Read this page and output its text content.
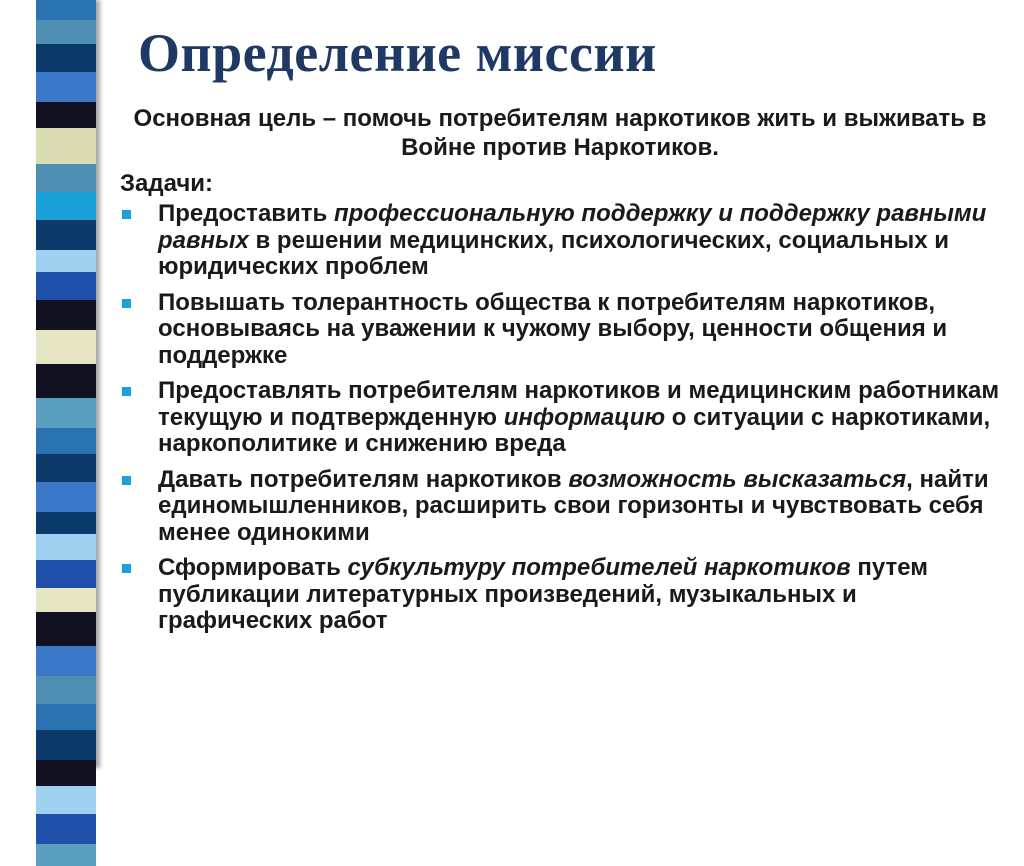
Определение миссии
Основная цель – помочь потребителям наркотиков жить и выживать в Войне против Наркотиков.
Задачи:
Предоставить профессиональную поддержку и поддержку равными равных в решении медицинских, психологических, социальных и юридических проблем
Повышать толерантность общества к потребителям наркотиков, основываясь на уважении к чужому выбору, ценности общения и поддержке
Предоставлять потребителям наркотиков и медицинским работникам текущую и подтвержденную информацию о ситуации с наркотиками, наркополитике и снижению вреда
Давать потребителям наркотиков возможность высказаться, найти единомышленников, расширить свои горизонты и чувствовать себя менее одинокими
Сформировать субкультуру потребителей наркотиков путем публикации литературных произведений, музыкальных и графических работ
